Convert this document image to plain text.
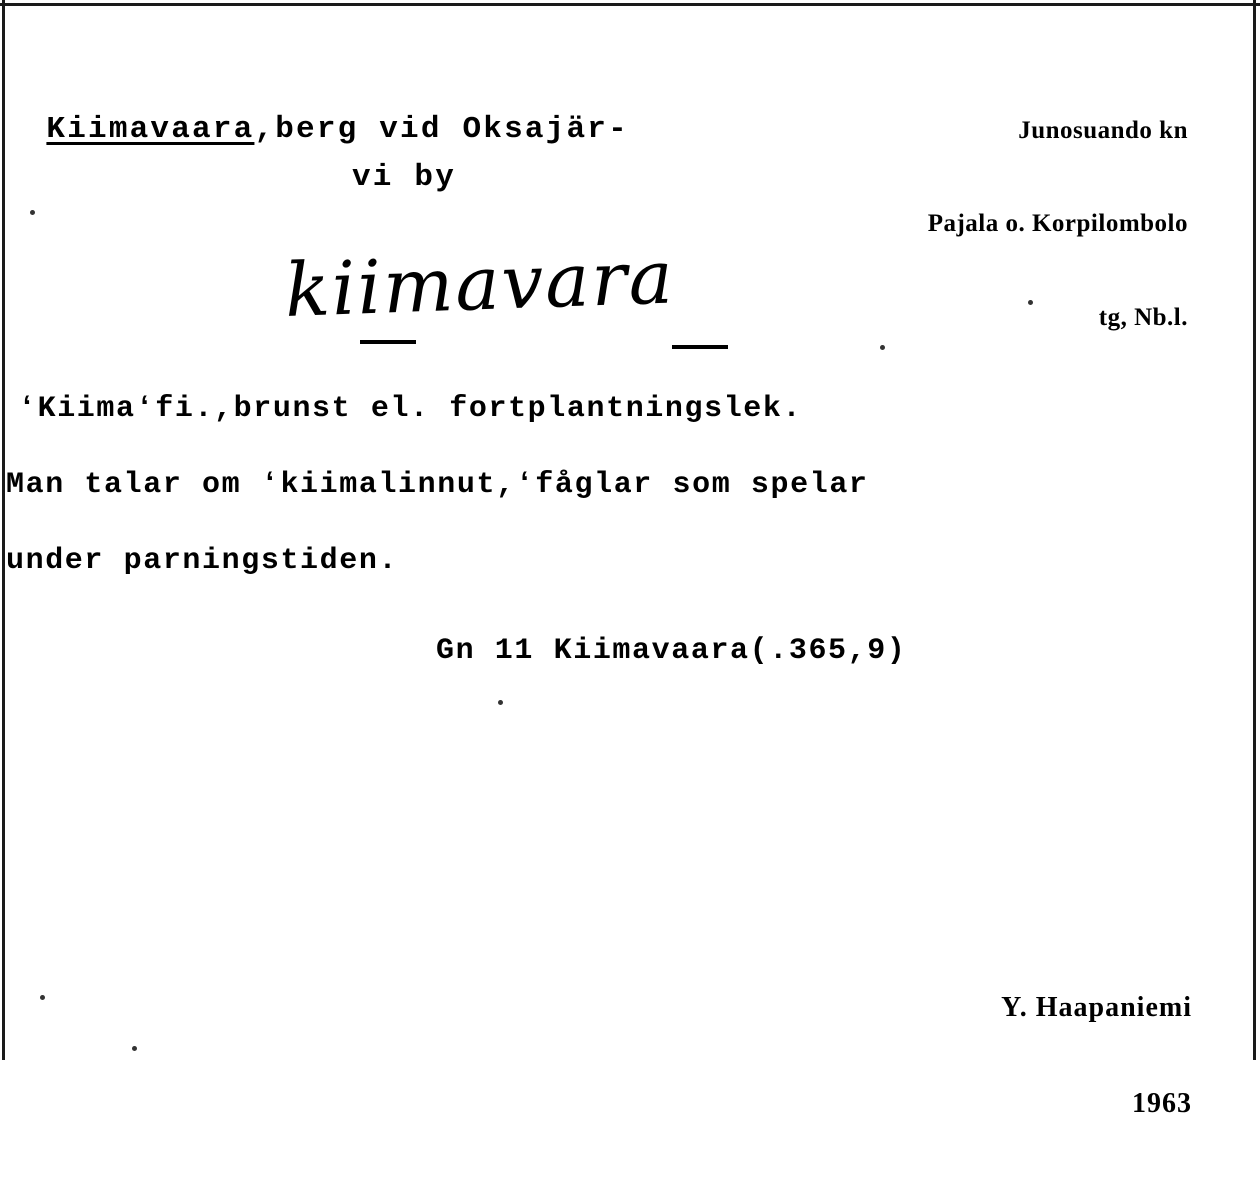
Junosuando kn

Pajala o. Korpilombolo

tg, Nb.l.

Kiimavaara,berg vid Oksajär-

vi by
kiimavara
ʻKiimaʻfi.,brunst el. fortplantningslek.
Man talar om ʻkiimalinnut,ʻfåglar som spelar
under parningstiden.
Gn 11 Kiimavaara(.365,9)

Y. Haapaniemi

1963
